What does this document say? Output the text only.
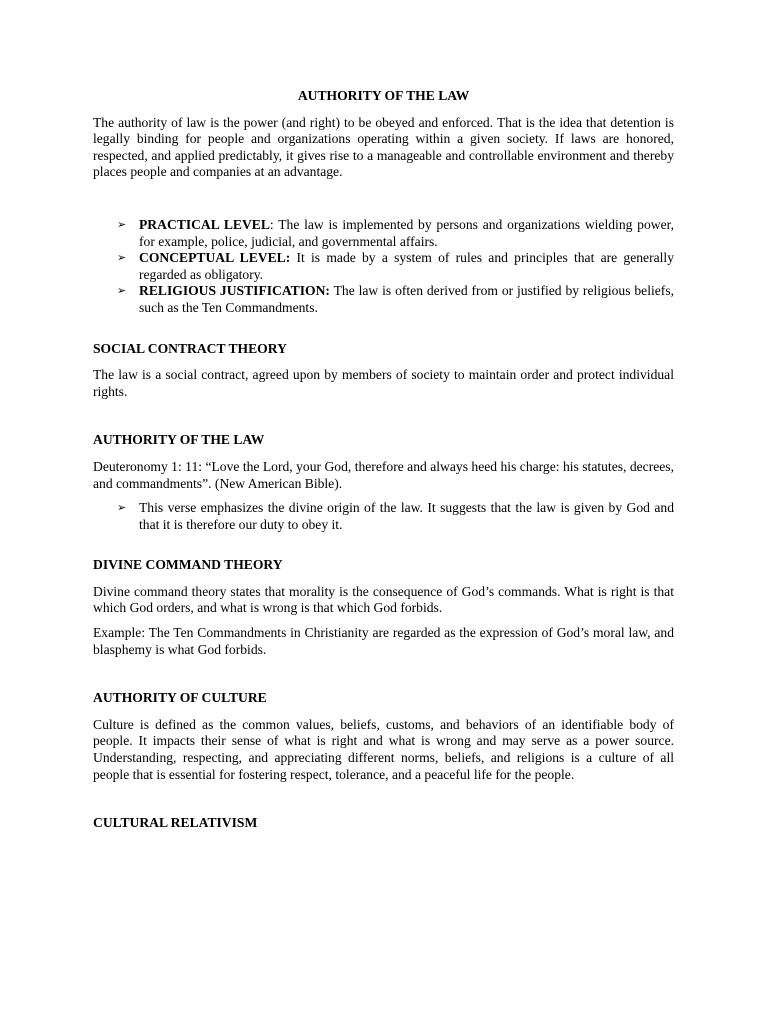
AUTHORITY OF THE LAW

The authority of law is the power (and right) to be obeyed and enforced. That is the idea that detention is legally binding for people and organizations operating within a given society. If laws are honored, respected, and applied predictably, it gives rise to a manageable and controllable environment and thereby places people and companies at an advantage.

➢ PRACTICAL LEVEL: The law is implemented by persons and organizations wielding power, for example, police, judicial, and governmental affairs.
➢ CONCEPTUAL LEVEL: It is made by a system of rules and principles that are generally regarded as obligatory.
➢ RELIGIOUS JUSTIFICATION: The law is often derived from or justified by religious beliefs, such as the Ten Commandments.
SOCIAL CONTRACT THEORY

The law is a social contract, agreed upon by members of society to maintain order and protect individual rights.

AUTHORITY OF THE LAW

Deuteronomy 1: 11: “Love the Lord, your God, therefore and always heed his charge: his statutes, decrees, and commandments”. (New American Bible).

➢ This verse emphasizes the divine origin of the law. It suggests that the law is given by God and that it is therefore our duty to obey it.
DIVINE COMMAND THEORY

Divine command theory states that morality is the consequence of God’s commands. What is right is that which God orders, and what is wrong is that which God forbids.

Example: The Ten Commandments in Christianity are regarded as the expression of God’s moral law, and blasphemy is what God forbids.

AUTHORITY OF CULTURE

Culture is defined as the common values, beliefs, customs, and behaviors of an identifiable body of people. It impacts their sense of what is right and what is wrong and may serve as a power source. Understanding, respecting, and appreciating different norms, beliefs, and religions is a culture of all people that is essential for fostering respect, tolerance, and a peaceful life for the people.

CULTURAL RELATIVISM
